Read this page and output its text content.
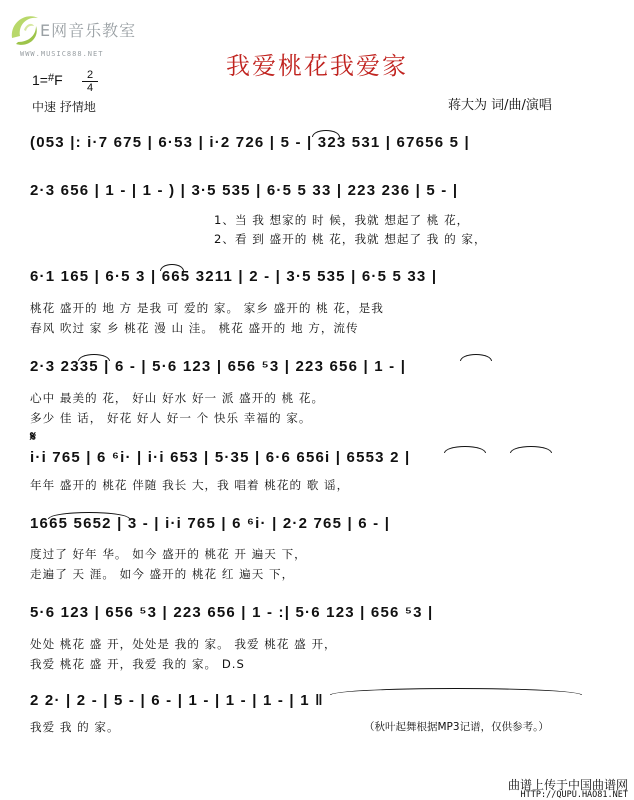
E网音乐教室
WWW.MUSIC888.NET	我爱桃花我爱家
1=#F	2
4
中速 抒情地	蒋大为 词/曲/演唱
(053 |: i·7 675 | 6·53 | i·2 726 | 5 - | 323 531 | 67656 5 |
2·3 656 | 1 - | 1 - ) | 3·5 535 | 6·5 5 33 | 223 236 | 5 - |
1、当 我 想家的 时 候，我就 想起了 桃 花，
2、看 到 盛开的 桃 花，我就 想起了 我 的 家，
6·1 165 | 6·5 3 | 665 3211 | 2 - | 3·5 535 | 6·5 5 33 |
桃花 盛开的 地 方 是我 可 爱的 家。 家乡 盛开的 桃 花，是我
春风 吹过 家 乡 桃花 漫 山 洼。 桃花 盛开的 地 方，流传
2·3 2335 | 6 - | 5·6 123 | 656 ⁵3 | 223 656 | 1 - |
心中 最美的 花， 好山 好水 好一 派 盛开的 桃 花。
多少 佳 话， 好花 好人 好一 个 快乐 幸福的 家。
𝄋
i·i 765 | 6 ⁶i· | i·i 653 | 5·35 | 6·6 656i | 6553 2 |
年年 盛开的 桃花 伴随 我长 大，我 唱着 桃花的 歌 谣，
1665 5652 | 3 - | i·i 765 | 6 ⁶i· | 2·2 765 | 6 - |
度过了 好年 华。 如今 盛开的 桃花 开 遍天 下，
走遍了 天 涯。 如今 盛开的 桃花 红 遍天 下，
5·6 123 | 656 ⁵3 | 223 656 | 1 - :| 5·6 123 | 656 ⁵3 |
处处 桃花 盛 开，处处是 我的 家。 我爱 桃花 盛 开，
我爱 桃花 盛 开，我爱 我的 家。 D.S
2 2· | 2 - | 5 - | 6 - | 1 - | 1 - | 1 - | 1 ‖
我爱 我 的 家。	（秋叶起舞根据MP3记谱，仅供参考。）
曲谱上传于中国曲谱网
HTTP://QUPU.HAO81.NET
